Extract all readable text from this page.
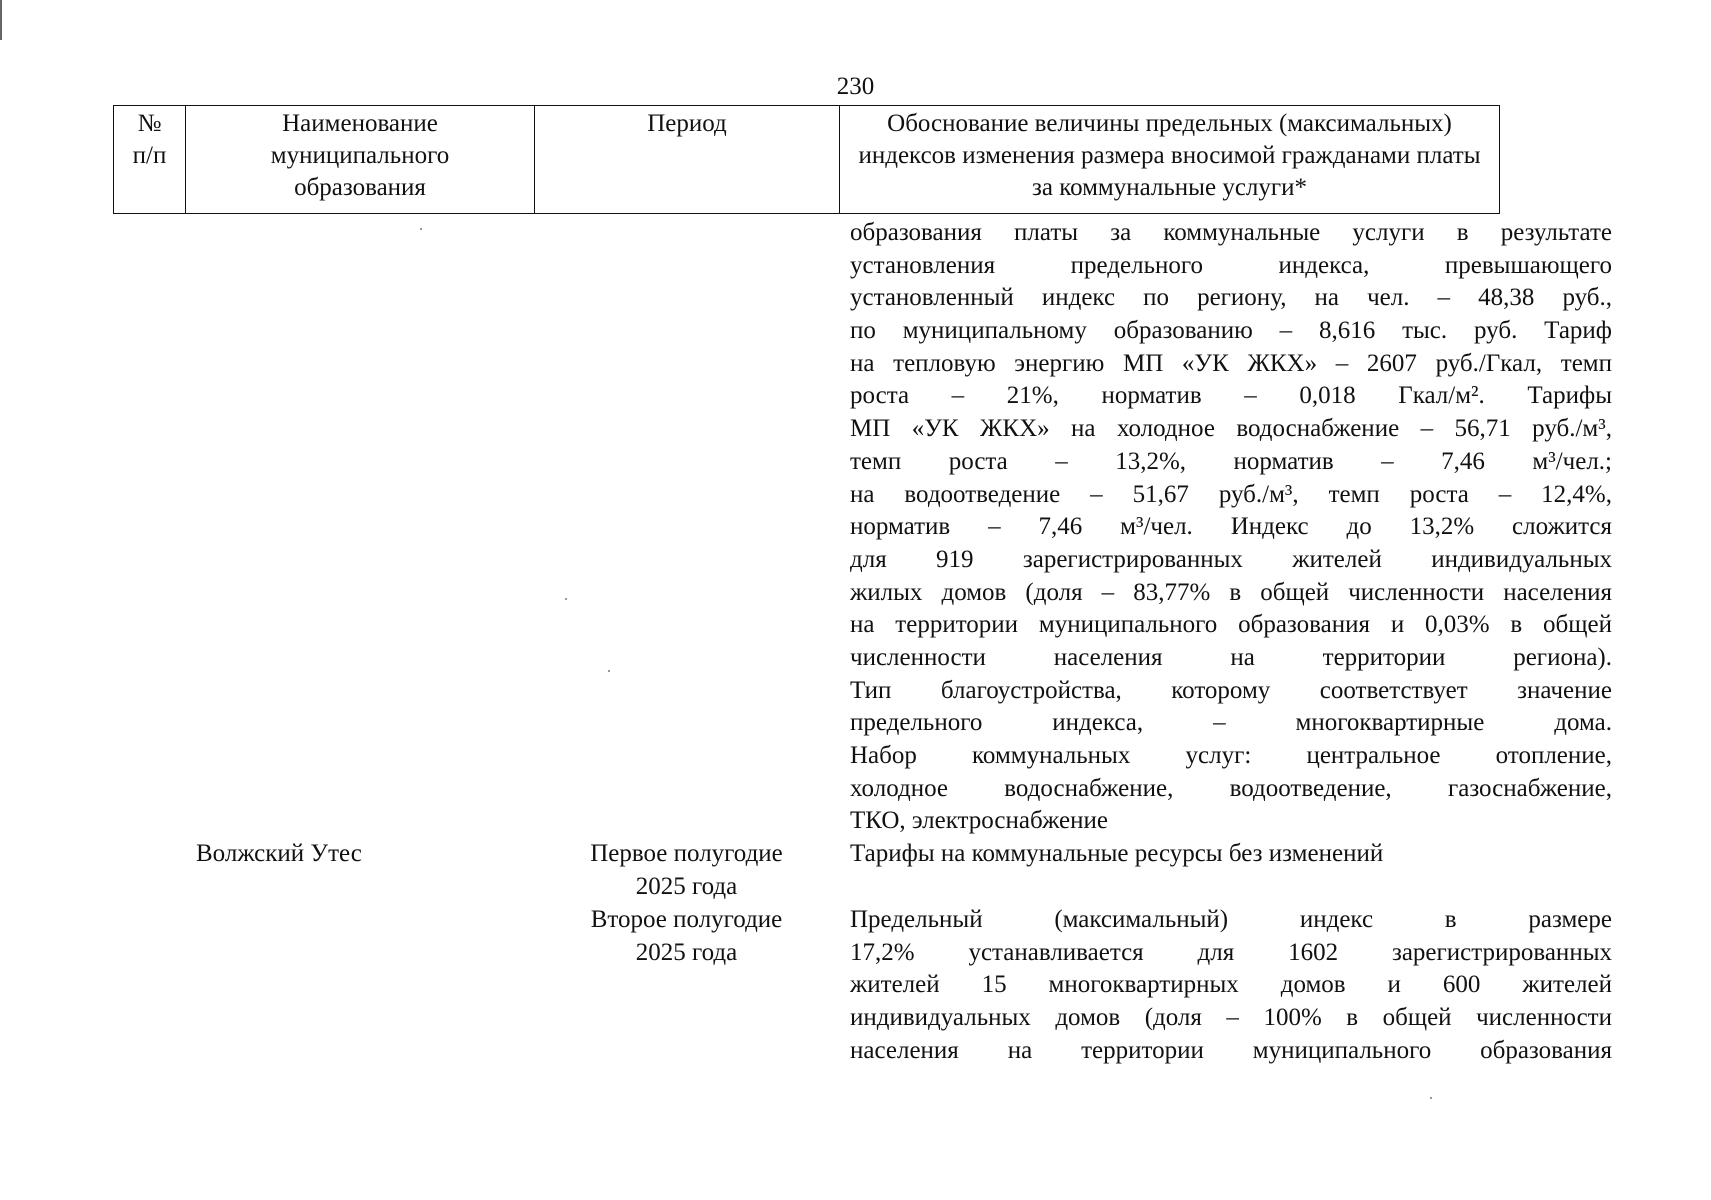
230
№
п/п
Наименование
муниципального
образования
Период	Обоснование величины предельных (максимальных)
индексов изменения размера вносимой гражданами платы
за коммунальные услуги*
образования платы за коммунальные услуги в результате
установления предельного индекса, превышающего
установленный индекс по региону, на чел. – 48,38 руб.,
по муниципальному образованию – 8,616 тыс. руб. Тариф
на тепловую энергию МП «УК ЖКХ» – 2607 руб./Гкал, темп
роста – 21%, норматив – 0,018 Гкал/м². Тарифы
МП «УК ЖКХ» на холодное водоснабжение – 56,71 руб./м³,
темп роста – 13,2%, норматив – 7,46 м³/чел.;
на водоотведение – 51,67 руб./м³, темп роста – 12,4%,
норматив – 7,46 м³/чел. Индекс до 13,2% сложится
для 919 зарегистрированных жителей индивидуальных
жилых домов (доля – 83,77% в общей численности населения
на территории муниципального образования и 0,03% в общей
численности населения на территории региона).
Тип благоустройства, которому соответствует значение
предельного индекса, – многоквартирные дома.
Набор коммунальных услуг: центральное отопление,
холодное водоснабжение, водоотведение, газоснабжение,
ТКО, электроснабжение
Волжский Утес	Первое полугодие
2025 года
Тарифы на коммунальные ресурсы без изменений
Второе полугодие
2025 года
Предельный (максимальный) индекс в размере
17,2% устанавливается для 1602 зарегистрированных
жителей 15 многоквартирных домов и 600 жителей
индивидуальных домов (доля – 100% в общей численности
населения на территории муниципального образования
